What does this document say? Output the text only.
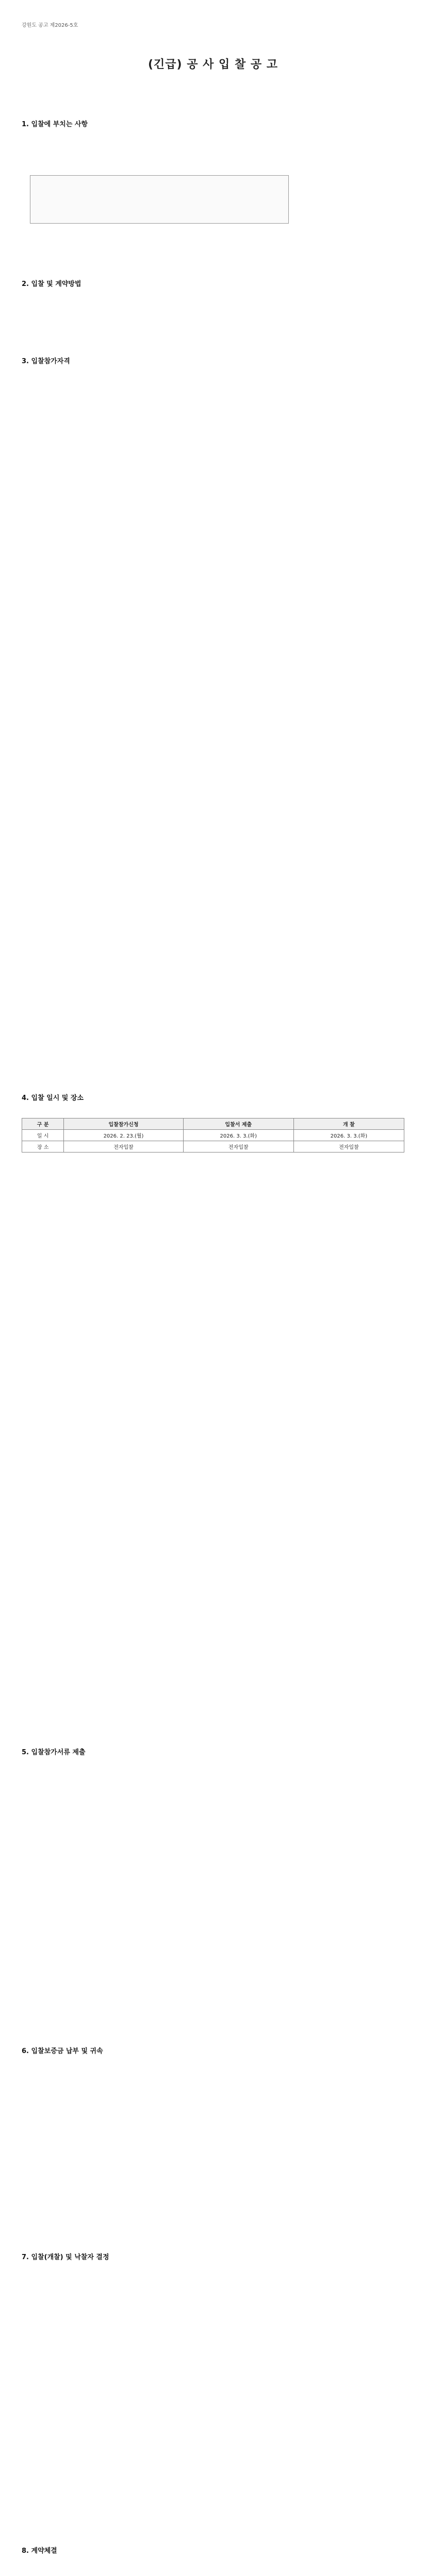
강원도 공고 제2026-5호
(긴급) 공 사 입 찰 공 고
1. 입찰에 부치는 사항
2. 입찰 및 계약방법
3. 입찰참가자격
4. 입찰 일시 및 장소
구 분	입찰참가신청	입찰서 제출	개 찰
일 시	2026. 2. 23.(월)	2026. 3. 3.(화)	2026. 3. 3.(화)
장 소	전자입찰	전자입찰	전자입찰
5. 입찰참가서류 제출
6. 입찰보증금 납부 및 귀속
7. 입찰(개찰) 및 낙찰자 결정
8. 계약체결
